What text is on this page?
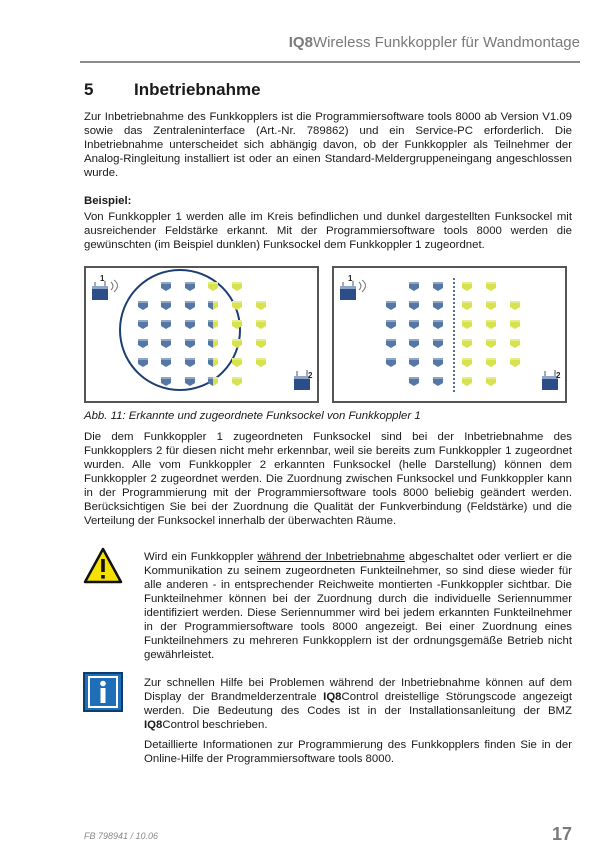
IQ8Wireless Funkkoppler für Wandmontage
5 Inbetriebnahme

Zur Inbetriebnahme des Funkkopplers ist die Programmiersoftware tools 8000 ab Version V1.09 sowie das Zentraleninterface (Art.-Nr. 789862) und ein Service-PC erforderlich. Die Inbetriebnahme unterscheidet sich abhängig davon, ob der Funkkoppler als Teilnehmer der Analog-Ringleitung installiert ist oder an einen Standard-Meldergruppeneingang angeschlossen wurde.

Beispiel:

Von Funkkoppler 1 werden alle im Kreis befindlichen und dunkel dargestellten Funksockel mit ausreichender Feldstärke erkannt. Mit der Programmiersoftware tools 8000 werden die gewünschten (im Beispiel dunklen) Funksockel dem Funkkoppler 1 zugeordnet.

1
2
1
2
Abb. 11: Erkannte und zugeordnete Funksockel von Funkkoppler 1

Die dem Funkkoppler 1 zugeordneten Funksockel sind bei der Inbetriebnahme des Funkkopplers 2 für diesen nicht mehr erkennbar, weil sie bereits zum Funkkoppler 1 zugeordnet wurden. Alle vom Funkkoppler 2 erkannten Funksockel (helle Darstellung) können dem Funkkoppler 2 zugeordnet werden. Die Zuordnung zwischen Funksockel und Funkkoppler kann in der Programmierung mit der Programmiersoftware tools 8000 beliebig geändert werden. Berücksichtigen Sie bei der Zuordnung die Qualität der Funkverbindung (Feldstärke) und die Verteilung der Funksockel innerhalb der überwachten Räume.

Wird ein Funkkoppler während der Inbetriebnahme abgeschaltet oder verliert er die Kommunikation zu seinem zugeordneten Funkteilnehmer, so sind diese wieder für alle anderen - in entsprechender Reichweite montierten -Funkkoppler sichtbar. Die Funkteilnehmer können bei der Zuordnung durch die individuelle Seriennummer identifiziert werden. Diese Seriennummer wird bei jedem erkannten Funkteilnehmer in der Programmiersoftware tools 8000 angezeigt. Bei einer Zuordnung eines Funkteilnehmers zu mehreren Funkkopplern ist der ordnungsgemäße Betrieb nicht gewährleistet.

Zur schnellen Hilfe bei Problemen während der Inbetriebnahme können auf dem Display der Brandmelderzentrale IQ8Control dreistellige Störungscode angezeigt werden. Die Bedeutung des Codes ist in der Installationsanleitung der BMZ IQ8Control beschrieben.

Detaillierte Informationen zur Programmierung des Funkkopplers finden Sie in der Online-Hilfe der Programmiersoftware tools 8000.

FB 798941 / 10.06	17
